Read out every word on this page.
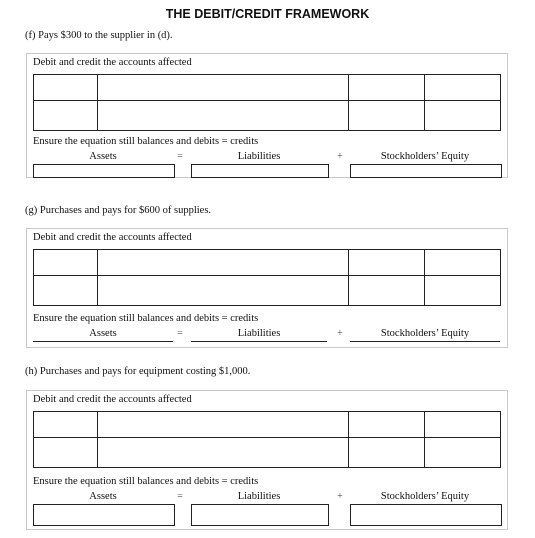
THE DEBIT/CREDIT FRAMEWORK
(f) Pays $300 to the supplier in (d).
Debit and credit the accounts affected
Ensure the equation still balances and debits = credits
Assets	=	Liabilities	+	Stockholders’ Equity
(g) Purchases and pays for $600 of supplies.
Debit and credit the accounts affected
Ensure the equation still balances and debits = credits
Assets	=	Liabilities	+	Stockholders’ Equity
(h) Purchases and pays for equipment costing $1,000.
Debit and credit the accounts affected
Ensure the equation still balances and debits = credits
Assets	=	Liabilities	+	Stockholders’ Equity
